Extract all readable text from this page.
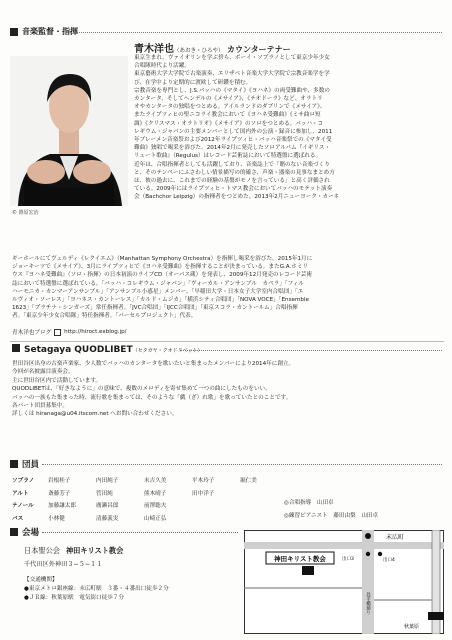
音楽監督・指揮
© 篠原宏治
青木洋也（あおき・ひろや） カウンターテナー
東京生まれ。ヴァイオリンを学ぶ傍ら、ボーイ・ソプラノとして東京少年少女
合唱隊時代より活躍。
東京藝術大学大学院で古楽演奏、エリザベト音楽大学大学院で宗教音楽学を学
び、在学中より定期的に渡欧して研鑽を積む。
宗教音楽を専門とし、J.S.バッハの《マタイ》《ヨハネ》の両受難曲や、多数の
カンタータ、そしてヘンデルの《メサイア》、《テオドーラ》など、オラトリ
オやカンタータの独唱をつとめる。アイルランドのダブリンで《メサイア》、
またライプツィヒの聖ニコライ教会において《ヨハネ受難曲》《ミサ曲ロ短
調》《クリスマス・オラトリオ》《メサイア》のソロをつとめる。バッハ・コ
レギウム・ジャパンの主要メンバーとして国内外の公演・録音に参加し、2011
年ブレーメン音楽祭および2012年ライプツィヒ・バッハ音楽祭での《マタイ受
難曲》独唱で喝采を浴びた。2014年2月に発売したソロアルバム『イギリス・
リュート歌曲』（Regulus）はレコード芸術誌において特選盤に選ばれる。
近年は、合唱指揮者としても活躍しており、音楽誌上で「賭のない音楽づくり
と、そのテンペーにふさわしい情景描写の的確さ、声楽・器楽の見事なまとめ方
は、彼の過去に、これまでの経験の基盤がモノを言っている」と高く評価され
ている。2009年にはライプツィヒ・トマス教会においてバッハのモテット演奏
会（Bachchor Leipzig）の指揮者をつとめた。2013年2月ニューヨーク・カーネ
ギーホールにてヴェルディ《レクイエム》（Manhattan Symphony Orchestra）を指揮し喝采を浴びた。2015年1月に
ジョーキーツで《メサイア》、3月にライプツィヒで《ヨハネ受難曲》を指揮することが決まっている。またG.A.ホミリ
ウス『ヨハネ受難曲』（ソロ・指揮）の日本初演のライブCD（オーパス蔵）を発表し、2009年12月発売のレコード芸術
誌において特選盤に選ばれている。「バッハ・コレギウム・ジャパン」「ヴォーカル・アンサンブル　カペラ」「フィル
ハーモニカ・カンマーアンサンブル」「アンサンブル小惑星」メンバー。「早稲田大学・日本女子大学室内合唱団」「エ
ルヴィオ・ソーレス」「ヨハネス・カントーレス」「カルド・ムジカ」「横浜シティ合唱団」「NOVA VOCE」「Ensemble
1623」「プラチナ・シンガーズ」常任指揮者。「JVC合唱団」「IJCC合唱団」「東京スコラ・カントールム」合唱指揮
者。「東京少年少女合唱隊」特任指揮者。「パーセルプロジェクト」代表。
青木洋也ブログ http://hiroct.exblog.jp/
Setagaya QUODLIBET（セタガヤ・クオドリベット）
世田谷区出身の古楽声楽家、少人数でバッハのカンタータを歌いたいと集まったメンバーにより2014年に創立。
今回が名披露目演奏会。
主に世田谷区内で活動しています。
QUODLIBETは、「好きなように」の意味で、複数のメロディを寄せ集めて一つの曲にしたものをいい、
バッハの一族もた集まった時、流行歌を集まっては、そのような「戯（ざ）れ歌」を歌っていたとのことです。
各パート団員募集中。
詳しくは hiranaga@u04.itscom.net へお問い合わせください。
団員
ソプラノ	岩根桂子	内田純子	末吉久美	平木玲子	堀仁美
アルト	斎藤芳子	菅田純	熊木晴子	田中洋子
テノール	加藤謙太郎	廣瀬昌郎	前澤聡夫
バス	小林健	清藤義実	山崎正弘
◎合唱指導　山田卓
◎練習ピアニスト　藤田由梨　山田卓
会場
日本聖公会 神田キリスト教会
千代田区外神田３−５−１１
【交通機関】
●東京メトロ銀座線：末広町駅　３番・４番出口徒歩２分
●ＪＲ線：秋葉原駅　電気街口徒歩７分
神田キリスト教会
末広町
出口3	出口4
秋葉原
昌平橋通り
